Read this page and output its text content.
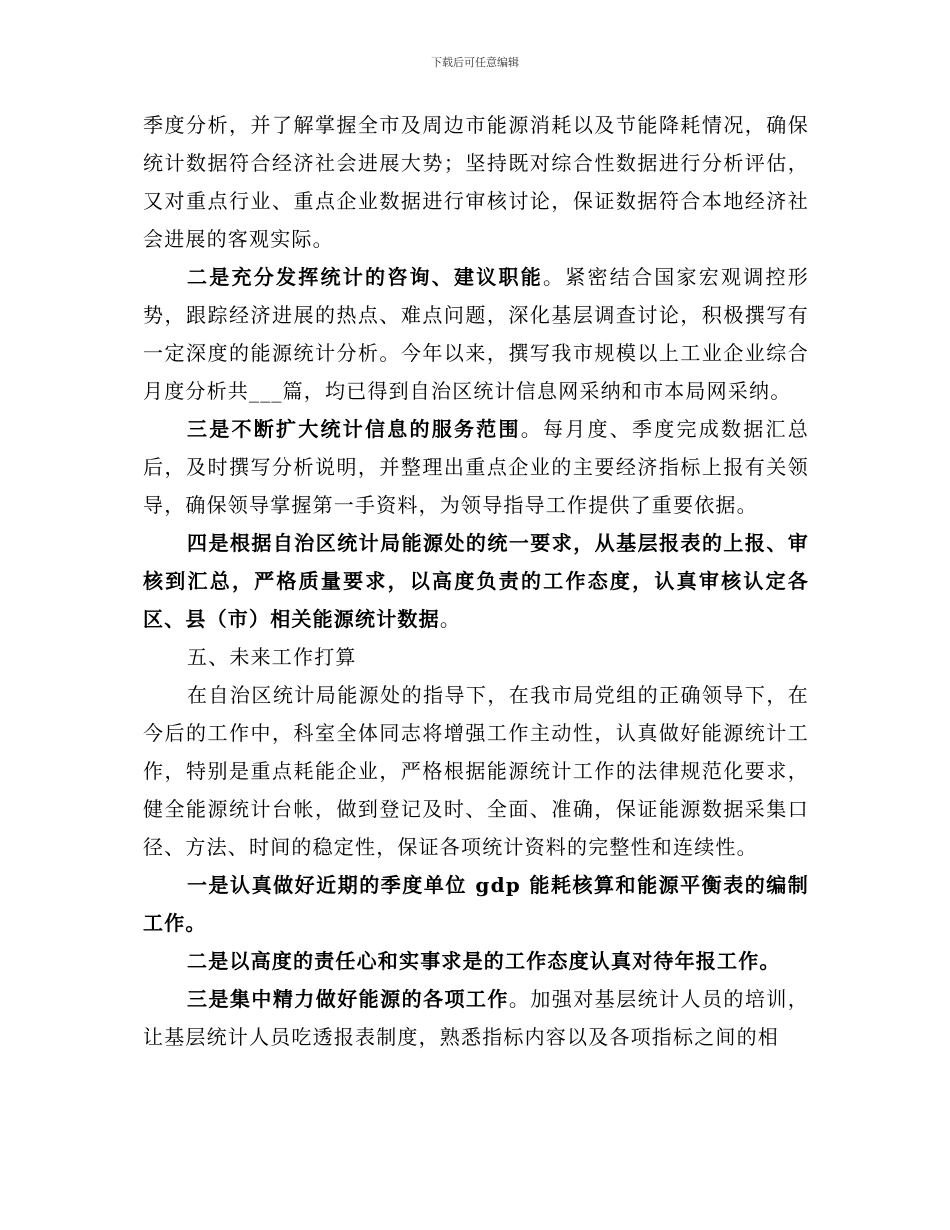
下载后可任意编辑

季度分析，并了解掌握全市及周边市能源消耗以及节能降耗情况，确保统计数据符合经济社会进展大势；坚持既对综合性数据进行分析评估，又对重点行业、重点企业数据进行审核讨论，保证数据符合本地经济社会进展的客观实际。

二是充分发挥统计的咨询、建议职能。紧密结合国家宏观调控形势，跟踪经济进展的热点、难点问题，深化基层调查讨论，积极撰写有一定深度的能源统计分析。今年以来，撰写我市规模以上工业企业综合月度分析共___篇，均已得到自治区统计信息网采纳和市本局网采纳。

三是不断扩大统计信息的服务范围。每月度、季度完成数据汇总后，及时撰写分析说明，并整理出重点企业的主要经济指标上报有关领导，确保领导掌握第一手资料，为领导指导工作提供了重要依据。

四是根据自治区统计局能源处的统一要求，从基层报表的上报、审核到汇总，严格质量要求，以高度负责的工作态度，认真审核认定各区、县（市）相关能源统计数据。

五、未来工作打算

在自治区统计局能源处的指导下，在我市局党组的正确领导下，在今后的工作中，科室全体同志将增强工作主动性，认真做好能源统计工作，特别是重点耗能企业，严格根据能源统计工作的法律规范化要求，健全能源统计台帐，做到登记及时、全面、准确，保证能源数据采集口径、方法、时间的稳定性，保证各项统计资料的完整性和连续性。

一是认真做好近期的季度单位 gdp 能耗核算和能源平衡表的编制工作。

二是以高度的责任心和实事求是的工作态度认真对待年报工作。

三是集中精力做好能源的各项工作。加强对基层统计人员的培训，让基层统计人员吃透报表制度，熟悉指标内容以及各项指标之间的相
